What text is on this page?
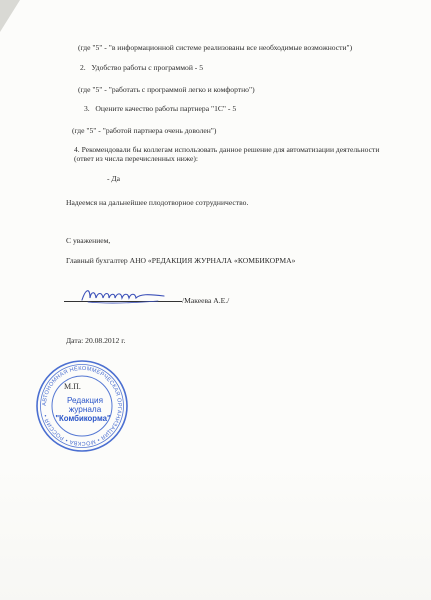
(где "5" - "в информационной системе реализованы все необходимые возможности")
2. Удобство работы с программой - 5
(где "5" - "работать с программой легко и комфортно")
3. Оцените качество работы партнера "1С" - 5
(где "5" - "работой партнера очень доволен")
4. Рекомендовали бы коллегам использовать данное решение для автоматизации деятельности (ответ из числа перечисленных ниже):
- Да
Надеемся на дальнейшее плодотворное сотрудничество.
С уважением,
Главный бухгалтер АНО «РЕДАКЦИЯ ЖУРНАЛА «КОМБИКОРМА»
/Макеева А.Е./
Дата: 20.08.2012 г.
АВТОНОМНАЯ НЕКОММЕРЧЕСКАЯ ОРГАНИЗАЦИЯ • МОСКВА • РОССИЯ •
М.П.
Редакция
журнала
"Комбикорма"
